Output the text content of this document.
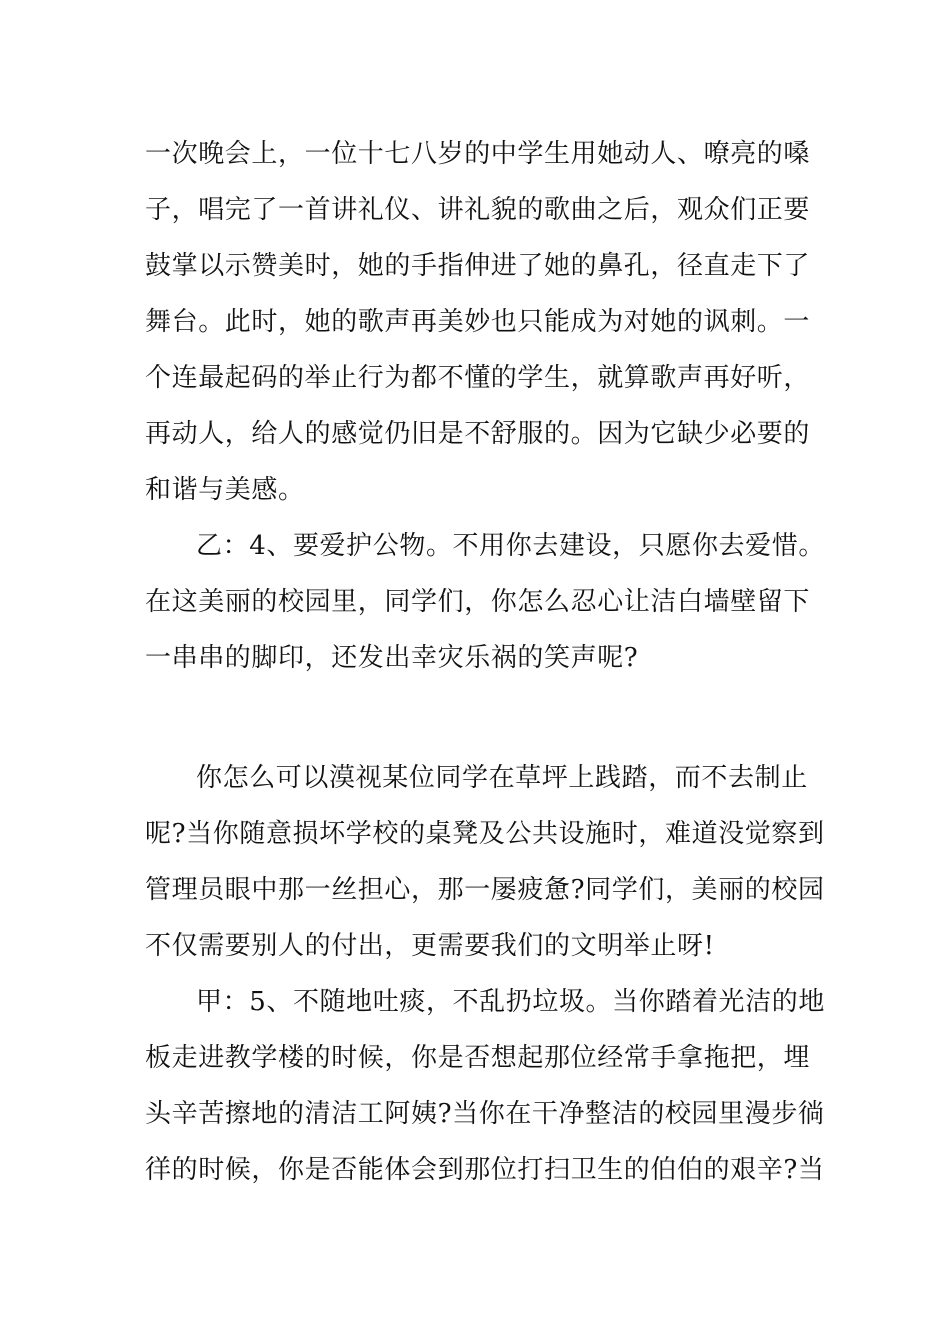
一次晚会上，一位十七八岁的中学生用她动人、嘹亮的嗓
子，唱完了一首讲礼仪、讲礼貌的歌曲之后，观众们正要
鼓掌以示赞美时，她的手指伸进了她的鼻孔，径直走下了
舞台。此时，她的歌声再美妙也只能成为对她的讽刺。一
个连最起码的举止行为都不懂的学生，就算歌声再好听，
再动人，给人的感觉仍旧是不舒服的。因为它缺少必要的
和谐与美感。
乙：4、要爱护公物。不用你去建设，只愿你去爱惜。
在这美丽的校园里，同学们，你怎么忍心让洁白墙壁留下
一串串的脚印，还发出幸灾乐祸的笑声呢?
你怎么可以漠视某位同学在草坪上践踏，而不去制止
呢?当你随意损坏学校的桌凳及公共设施时，难道没觉察到
管理员眼中那一丝担心，那一屡疲惫?同学们，美丽的校园
不仅需要别人的付出，更需要我们的文明举止呀!
甲：5、不随地吐痰，不乱扔垃圾。当你踏着光洁的地
板走进教学楼的时候，你是否想起那位经常手拿拖把，埋
头辛苦擦地的清洁工阿姨?当你在干净整洁的校园里漫步徜
徉的时候，你是否能体会到那位打扫卫生的伯伯的艰辛?当
